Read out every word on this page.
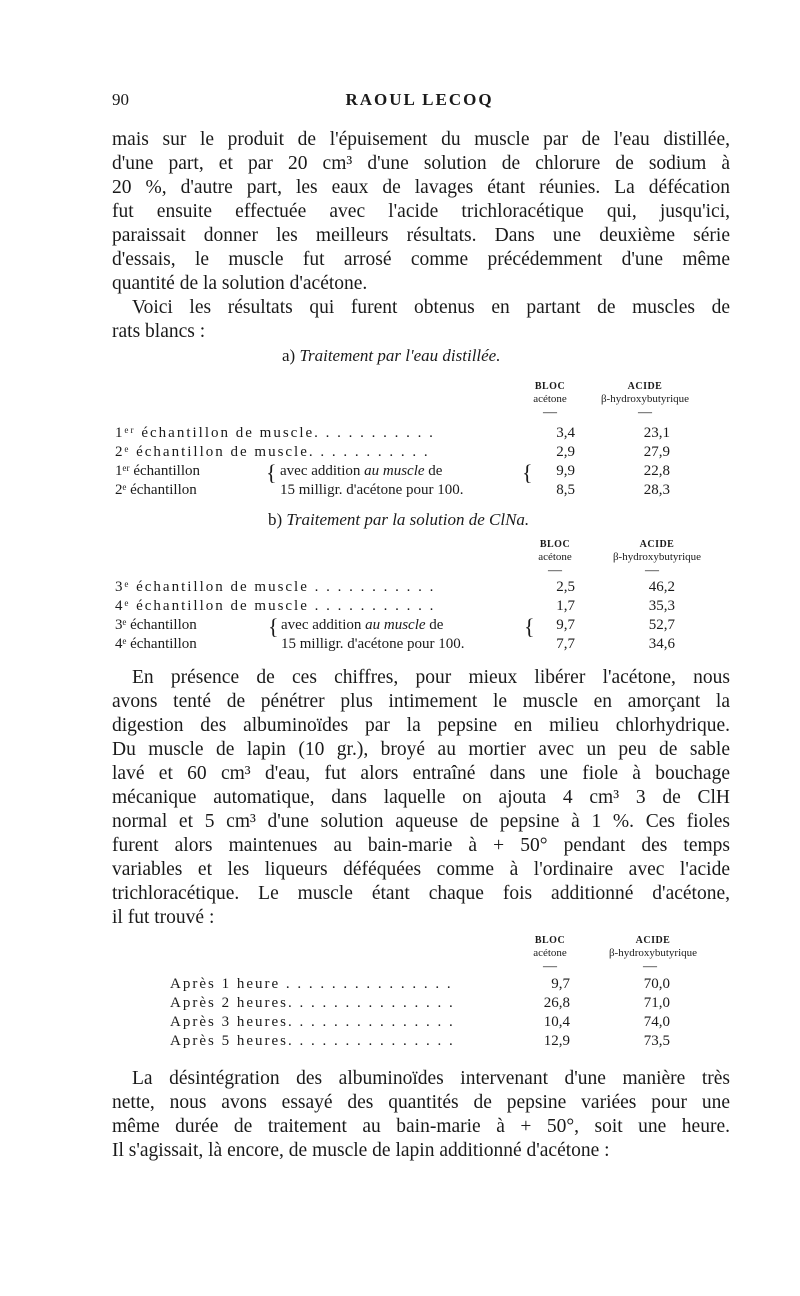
90	RAOUL LECOQ
mais sur le produit de l'épuisement du muscle par de l'eau distillée,
d'une part, et par 20 cm³ d'une solution de chlorure de sodium à
20 %, d'autre part, les eaux de lavages étant réunies. La défécation
fut ensuite effectuée avec l'acide trichloracétique qui, jusqu'ici,
paraissait donner les meilleurs résultats. Dans une deuxième série
d'essais, le muscle fut arrosé comme précédemment d'une même
quantité de la solution d'acétone.
Voici les résultats qui furent obtenus en partant de muscles de
rats blancs :
a) Traitement par l'eau distillée.
BLOC
acétone
ACIDE
β-hydroxybutyrique
—	—
1ᵉʳ échantillon de muscle. . . . . . . . . . .	3,4	23,1
2ᵉ échantillon de muscle. . . . . . . . . . .	2,9	27,9
1ᵉʳ échantillon	avec addition au muscle de	9,9	22,8
2ᵉ échantillon	15 milligr. d'acétone pour 100.	8,5	28,3
{	{
b) Traitement par la solution de ClNa.
BLOC
acétone
ACIDE
β-hydroxybutyrique
—	—
3ᵉ échantillon de muscle . . . . . . . . . . .	2,5	46,2
4ᵉ échantillon de muscle . . . . . . . . . . .	1,7	35,3
3ᵉ échantillon	avec addition au muscle de	9,7	52,7
4ᵉ échantillon	15 milligr. d'acétone pour 100.	7,7	34,6
{	{
En présence de ces chiffres, pour mieux libérer l'acétone, nous
avons tenté de pénétrer plus intimement le muscle en amorçant la
digestion des albuminoïdes par la pepsine en milieu chlorhydrique.
Du muscle de lapin (10 gr.), broyé au mortier avec un peu de sable
lavé et 60 cm³ d'eau, fut alors entraîné dans une fiole à bouchage
mécanique automatique, dans laquelle on ajouta 4 cm³ 3 de ClH
normal et 5 cm³ d'une solution aqueuse de pepsine à 1 %. Ces fioles
furent alors maintenues au bain-marie à + 50° pendant des temps
variables et les liqueurs déféquées comme à l'ordinaire avec l'acide
trichloracétique. Le muscle étant chaque fois additionné d'acétone,
il fut trouvé :
BLOC
acétone
ACIDE
β-hydroxybutyrique
—	—
Après 1 heure . . . . . . . . . . . . . . .	9,7	70,0
Après 2 heures. . . . . . . . . . . . . . .	26,8	71,0
Après 3 heures. . . . . . . . . . . . . . .	10,4	74,0
Après 5 heures. . . . . . . . . . . . . . .	12,9	73,5
La désintégration des albuminoïdes intervenant d'une manière très
nette, nous avons essayé des quantités de pepsine variées pour une
même durée de traitement au bain-marie à + 50°, soit une heure.
Il s'agissait, là encore, de muscle de lapin additionné d'acétone :
